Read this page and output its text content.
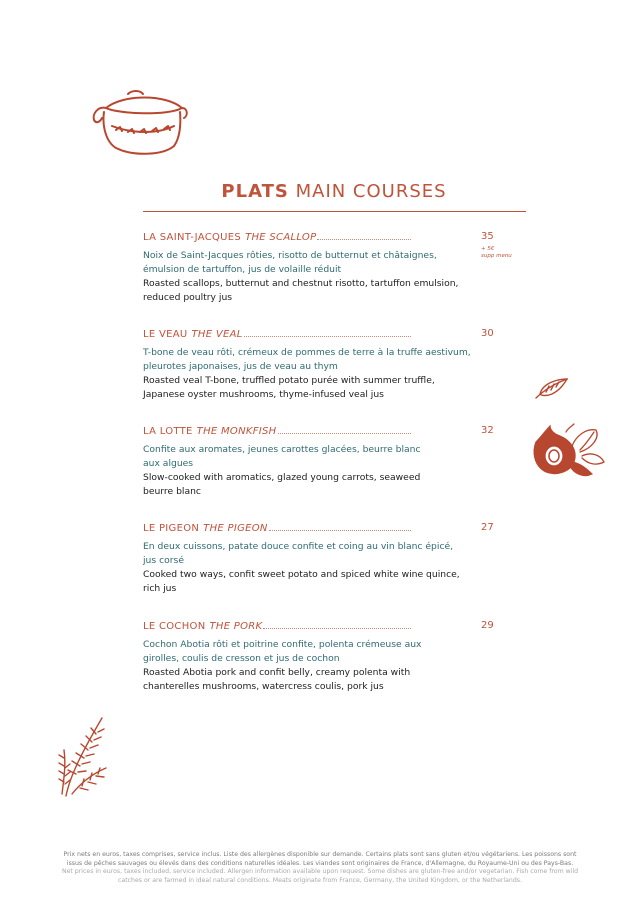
PLATS MAIN COURSES
LA SAINT-JACQUES THE SCALLOP
Noix de Saint-Jacques rôties, risotto de butternut et châtaignes, émulsion de tartuffon, jus de volaille réduit
Roasted scallops, butternut and chestnut risotto, tartuffon emulsion, reduced poultry jus
35
+ 5€
supp menu
LE VEAU THE VEAL
T-bone de veau rôti, crémeux de pommes de terre à la truffe aestivum, pleurotes japonaises, jus de veau au thym
Roasted veal T-bone, truffled potato purée with summer truffle, Japanese oyster mushrooms, thyme-infused veal jus
30
LA LOTTE THE MONKFISH
Confite aux aromates, jeunes carottes glacées, beurre blanc aux algues
Slow-cooked with aromatics, glazed young carrots, seaweed beurre blanc
32
LE PIGEON THE PIGEON
En deux cuissons, patate douce confite et coing au vin blanc épicé, jus corsé
Cooked two ways, confit sweet potato and spiced white wine quince, rich jus
27
LE COCHON THE PORK
Cochon Abotia rôti et poitrine confite, polenta crémeuse aux girolles, coulis de cresson et jus de cochon
Roasted Abotia pork and confit belly, creamy polenta with chanterelles mushrooms, watercress coulis, pork jus
29
Prix nets en euros, taxes comprises, service inclus. Liste des allergènes disponible sur demande. Certains plats sont sans gluten et/ou végétariens. Les poissons sont issus de pêches sauvages ou élevés dans des conditions naturelles idéales. Les viandes sont originaires de France, d'Allemagne, du Royaume-Uni ou des Pays-Bas.
Net prices in euros, taxes included, service included. Allergen information available upon request. Some dishes are gluten-free and/or vegetarian. Fish come from wild catches or are farmed in ideal natural conditions. Meats originate from France, Germany, the United Kingdom, or the Netherlands.
